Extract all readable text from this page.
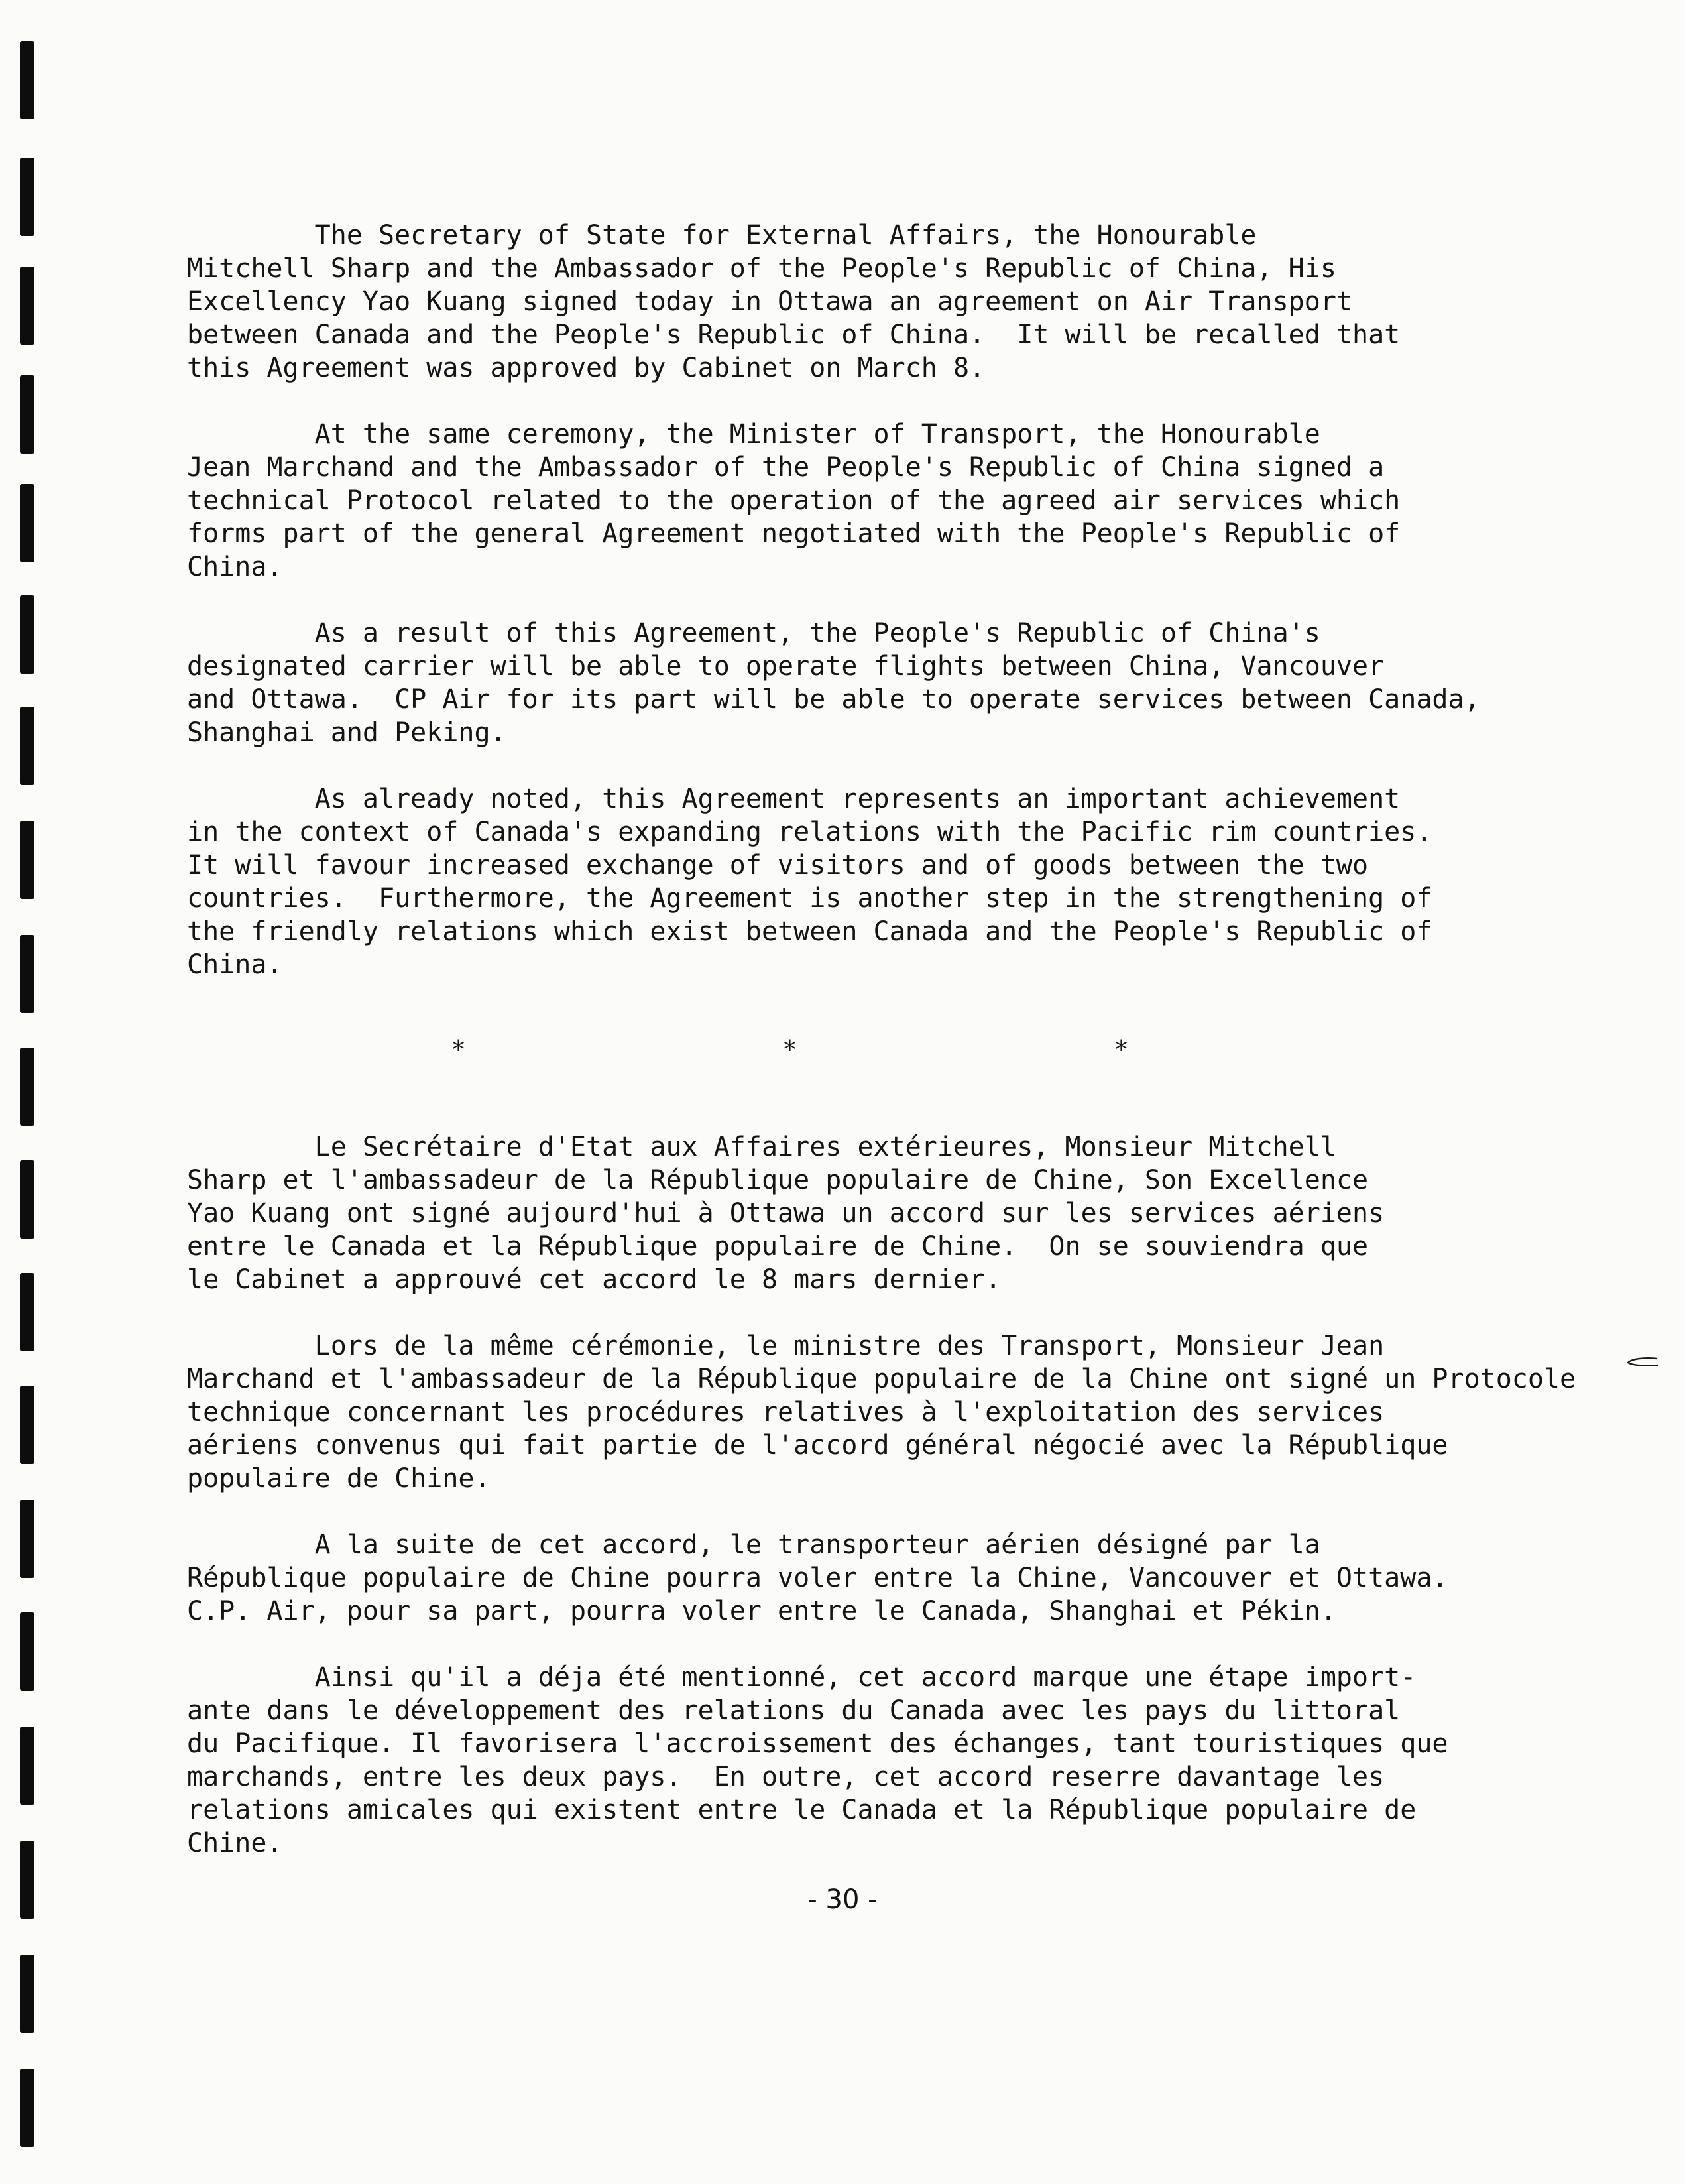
The Secretary of State for External Affairs, the Honourable
Mitchell Sharp and the Ambassador of the People's Republic of China, His
Excellency Yao Kuang signed today in Ottawa an agreement on Air Transport
between Canada and the People's Republic of China.  It will be recalled that
this Agreement was approved by Cabinet on March 8.

At the same ceremony, the Minister of Transport, the Honourable
Jean Marchand and the Ambassador of the People's Republic of China signed a
technical Protocol related to the operation of the agreed air services which
forms part of the general Agreement negotiated with the People's Republic of
China.

As a result of this Agreement, the People's Republic of China's
designated carrier will be able to operate flights between China, Vancouver
and Ottawa.  CP Air for its part will be able to operate services between Canada,
Shanghai and Peking.

As already noted, this Agreement represents an important achievement
in the context of Canada's expanding relations with the Pacific rim countries.
It will favour increased exchange of visitors and of goods between the two
countries.  Furthermore, the Agreement is another step in the strengthening of
the friendly relations which exist between Canada and the People's Republic of
China.

*	*	*

Le Secrétaire d'Etat aux Affaires extérieures, Monsieur Mitchell
Sharp et l'ambassadeur de la République populaire de Chine, Son Excellence
Yao Kuang ont signé aujourd'hui à Ottawa un accord sur les services aériens
entre le Canada et la République populaire de Chine.  On se souviendra que
le Cabinet a approuvé cet accord le 8 mars dernier.

Lors de la même cérémonie, le ministre des Transport, Monsieur Jean
Marchand et l'ambassadeur de la République populaire de la Chine ont signé un Protocole
technique concernant les procédures relatives à l'exploitation des services
aériens convenus qui fait partie de l'accord général négocié avec la République
populaire de Chine.

A la suite de cet accord, le transporteur aérien désigné par la
République populaire de Chine pourra voler entre la Chine, Vancouver et Ottawa.
C.P. Air, pour sa part, pourra voler entre le Canada, Shanghai et Pékin.

Ainsi qu'il a déja été mentionné, cet accord marque une étape import-
ante dans le développement des relations du Canada avec les pays du littoral
du Pacifique. Il favorisera l'accroissement des échanges, tant touristiques que
marchands, entre les deux pays.  En outre, cet accord reserre davantage les
relations amicales qui existent entre le Canada et la République populaire de
Chine.

- 30 -
